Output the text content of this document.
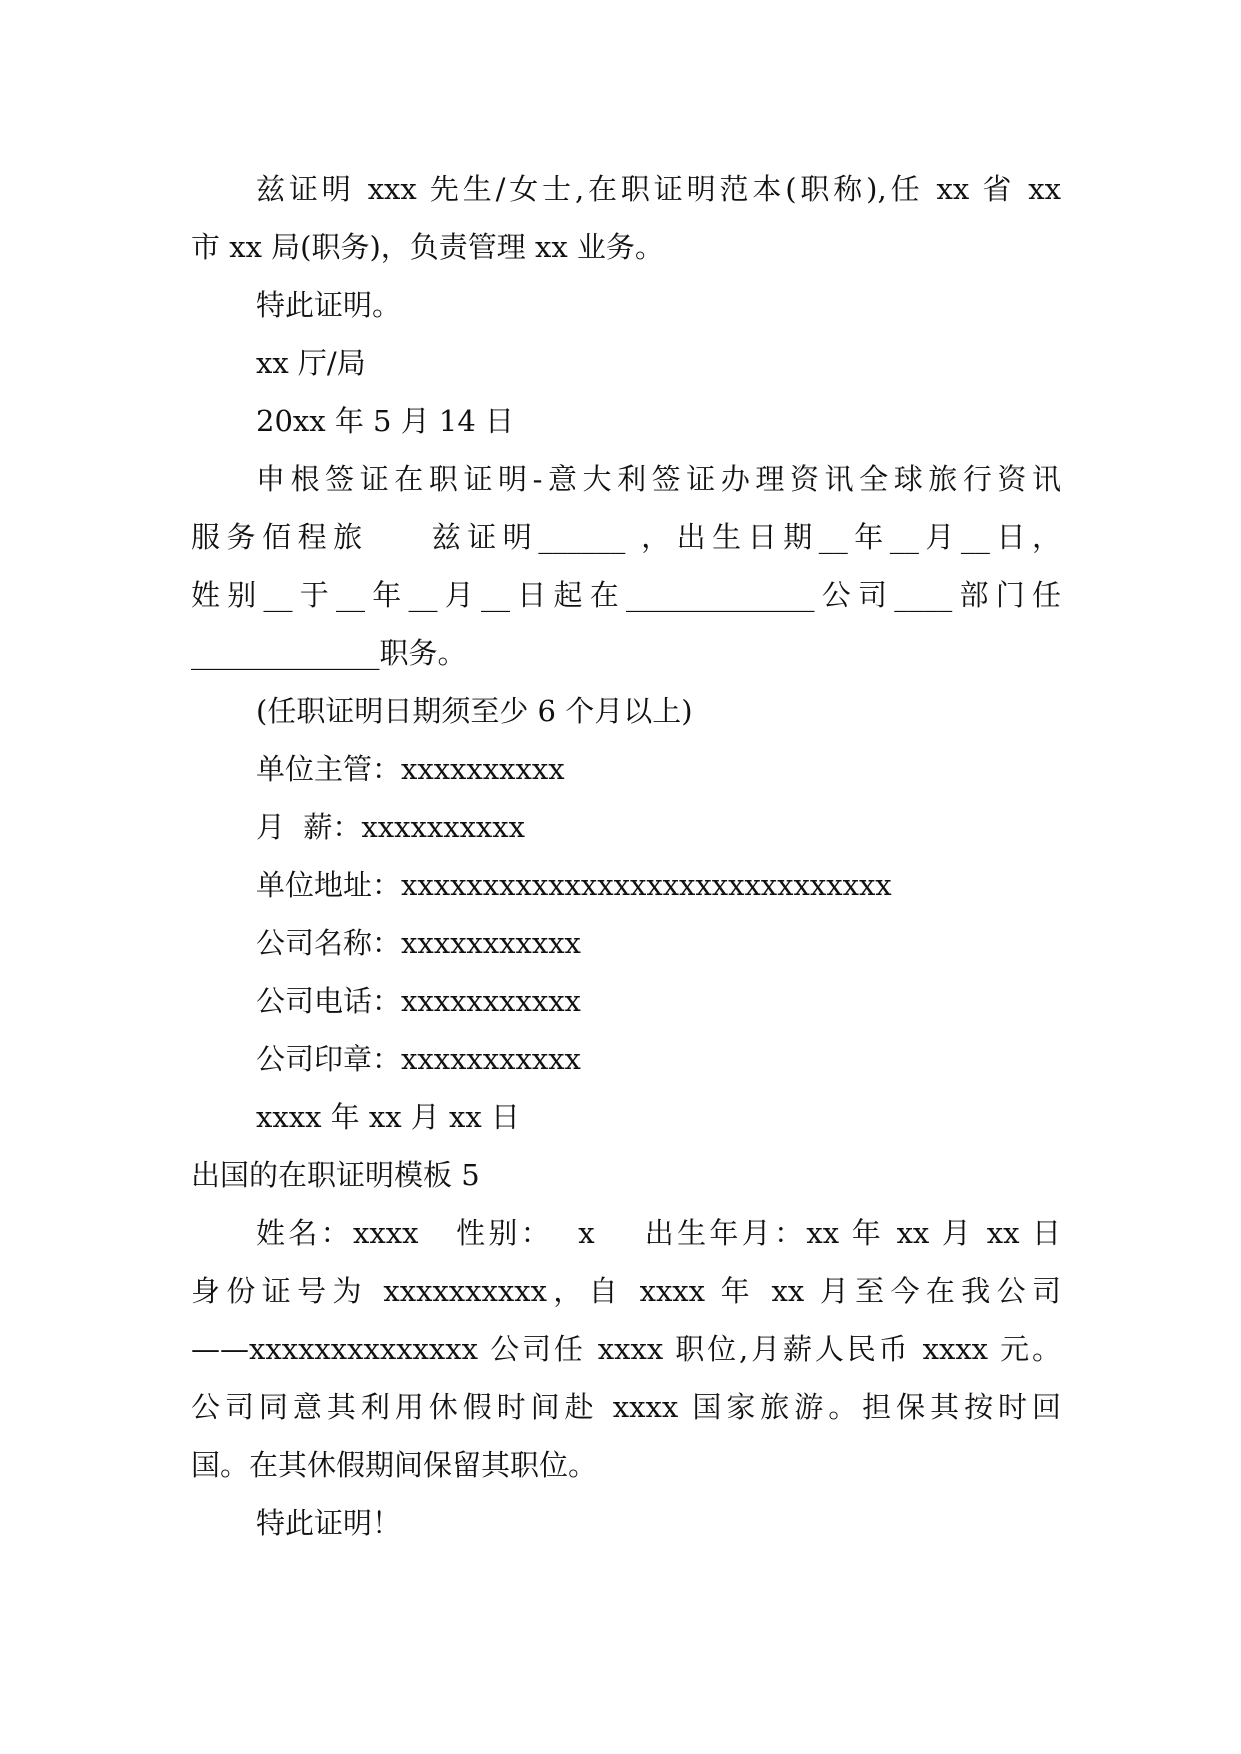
兹证明 xxx 先生/女士,在职证明范本(职称),任 xx 省 xx

市 xx 局(职务)，负责管理 xx 业务。

特此证明。

xx 厅/局

20xx 年 5 月 14 日

申根签证在职证明-意大利签证办理资讯全球旅行资讯

服务佰程旅    兹证明______ ，出生日期__年__月__日，

姓别__于__年__月__日起在_____________公司____部门任

_____________职务。

(任职证明日期须至少 6 个月以上)

单位主管：xxxxxxxxxx

月  薪：xxxxxxxxxx

单位地址：xxxxxxxxxxxxxxxxxxxxxxxxxxxxxx

公司名称：xxxxxxxxxxx

公司电话：xxxxxxxxxxx

公司印章：xxxxxxxxxxx

xxxx 年 xx 月 xx 日

出国的在职证明模板 5

姓名：xxxx   性别：  x    出生年月：xx 年 xx 月 xx 日

身份证号为 xxxxxxxxxx，自 xxxx 年 xx 月至今在我公司

——xxxxxxxxxxxxxx 公司任 xxxx 职位,月薪人民币 xxxx 元。

公司同意其利用休假时间赴 xxxx 国家旅游。担保其按时回

国。在其休假期间保留其职位。

特此证明！
